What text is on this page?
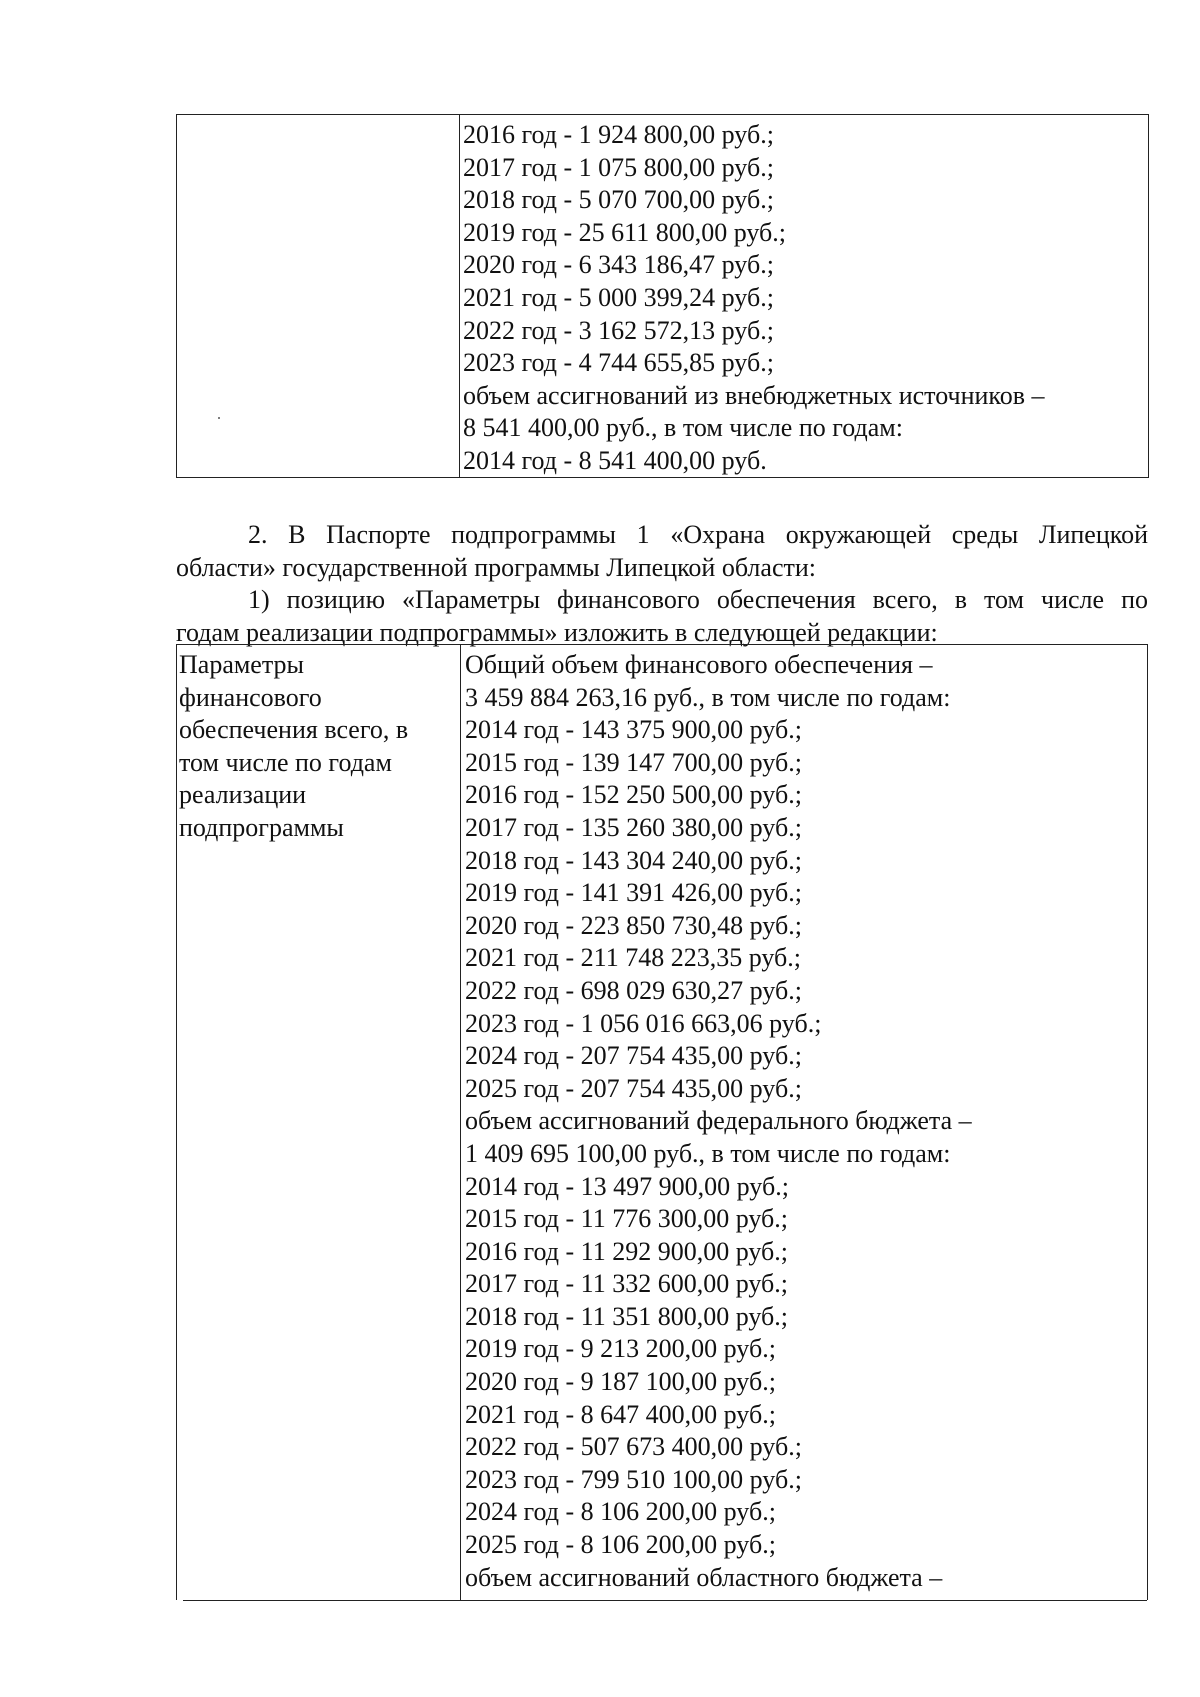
2016 год - 1 924 800,00 руб.;
2017 год - 1 075 800,00 руб.;
2018 год - 5 070 700,00 руб.;
2019 год - 25 611 800,00 руб.;
2020 год - 6 343 186,47 руб.;
2021 год - 5 000 399,24 руб.;
2022 год - 3 162 572,13 руб.;
2023 год - 4 744 655,85 руб.;
объем ассигнований из внебюджетных источников –
8 541 400,00 руб., в том числе по годам:
2014 год - 8 541 400,00 руб.
2. В Паспорте подпрограммы 1 «Охрана окружающей среды Липецкой
области» государственной программы Липецкой области:
1) позицию «Параметры финансового обеспечения всего, в том числе по
годам реализации подпрограммы» изложить в следующей редакции:
Параметры
финансового
обеспечения всего, в
том числе по годам
реализации
подпрограммы
Общий объем финансового обеспечения –
3 459 884 263,16 руб., в том числе по годам:
2014 год - 143 375 900,00 руб.;
2015 год - 139 147 700,00 руб.;
2016 год - 152 250 500,00 руб.;
2017 год - 135 260 380,00 руб.;
2018 год - 143 304 240,00 руб.;
2019 год - 141 391 426,00 руб.;
2020 год - 223 850 730,48 руб.;
2021 год - 211 748 223,35 руб.;
2022 год - 698 029 630,27 руб.;
2023 год - 1 056 016 663,06 руб.;
2024 год - 207 754 435,00 руб.;
2025 год - 207 754 435,00 руб.;
объем ассигнований федерального бюджета –
1 409 695 100,00 руб., в том числе по годам:
2014 год - 13 497 900,00 руб.;
2015 год - 11 776 300,00 руб.;
2016 год - 11 292 900,00 руб.;
2017 год - 11 332 600,00 руб.;
2018 год - 11 351 800,00 руб.;
2019 год - 9 213 200,00 руб.;
2020 год - 9 187 100,00 руб.;
2021 год - 8 647 400,00 руб.;
2022 год - 507 673 400,00 руб.;
2023 год - 799 510 100,00 руб.;
2024 год - 8 106 200,00 руб.;
2025 год - 8 106 200,00 руб.;
объем ассигнований областного бюджета –
